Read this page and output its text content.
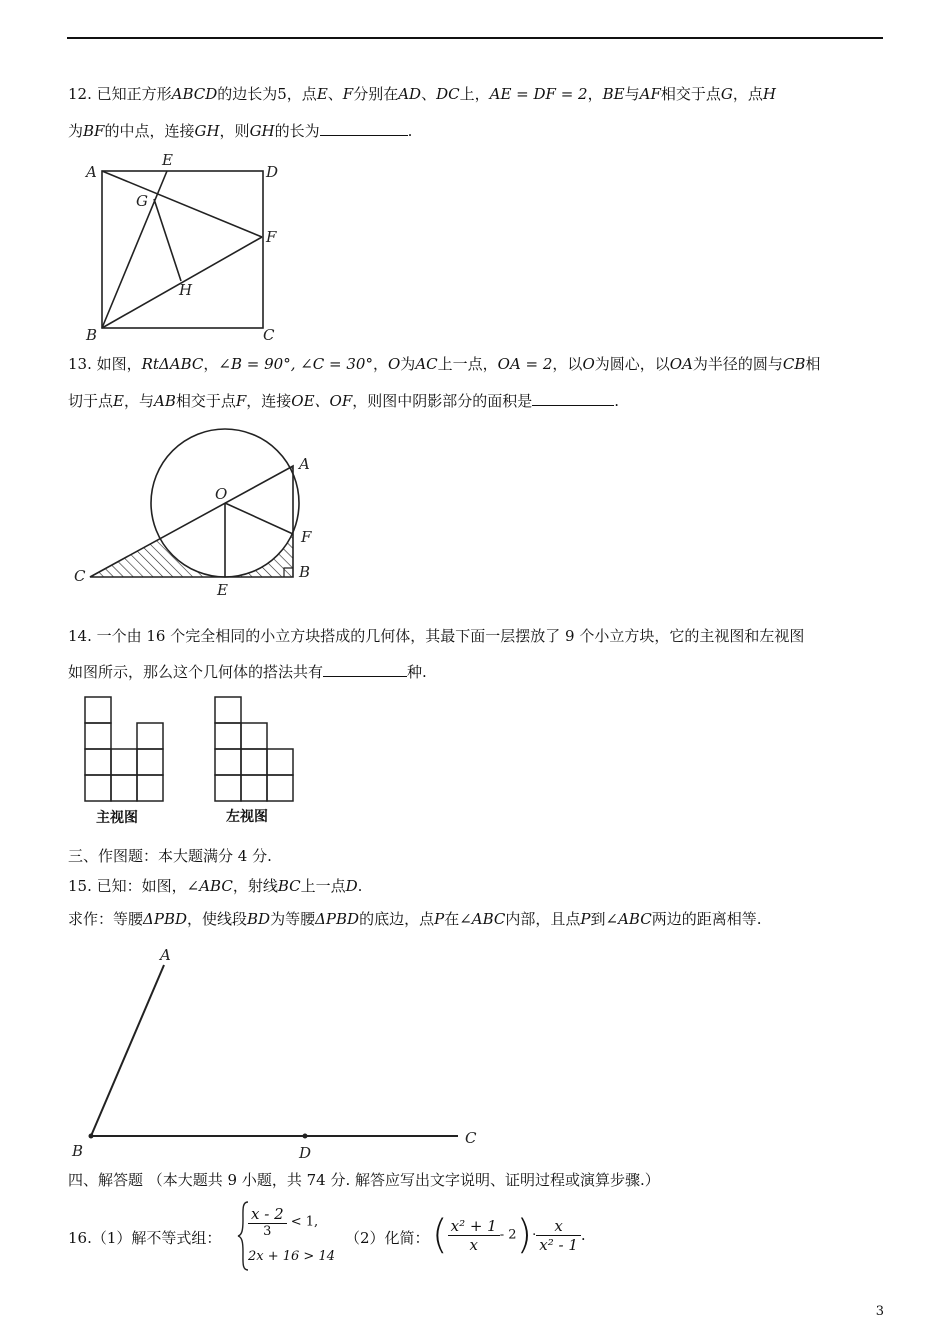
12. 已知正方形ABCD的边长为5，点E、F分别在AD、DC上，AE = DF = 2，BE与AF相交于点G，点H
为BF的中点，连接GH，则GH的长为	.
A	D
E
F
G
H
B	C
13. 如图，RtΔABC，∠B = 90°, ∠C = 30°，O为AC上一点，OA = 2，以O为圆心，以OA为半径的圆与CB相
切于点E，与AB相交于点F，连接OE、OF，则图中阴影部分的面积是	.
C
A
O
F
B
E
14. 一个由 16 个完全相同的小立方块搭成的几何体，其最下面一层摆放了 9 个小立方块，它的主视图和左视图
如图所示，那么这个几何体的搭法共有	种.
主视图	左视图
三、作图题：本大题满分 4 分.
15. 已知：如图，∠ABC，射线BC上一点D.
求作：等腰ΔPBD，使线段BD为等腰ΔPBD的底边，点P在∠ABC内部，且点P到∠ABC两边的距离相等.
A
B	D
C
四、解答题 （本大题共 9 小题，共 74 分. 解答应写出文字说明、证明过程或演算步骤.）
16.（1）解不等式组： $\frac{x - 2}{3} < 1$,
2x + 16 > 14
（2）化简： ( $\frac{\text{x² + 1}}{x} - 2)\cdot \frac{x}{\text{x² - 1}}$ .
3
